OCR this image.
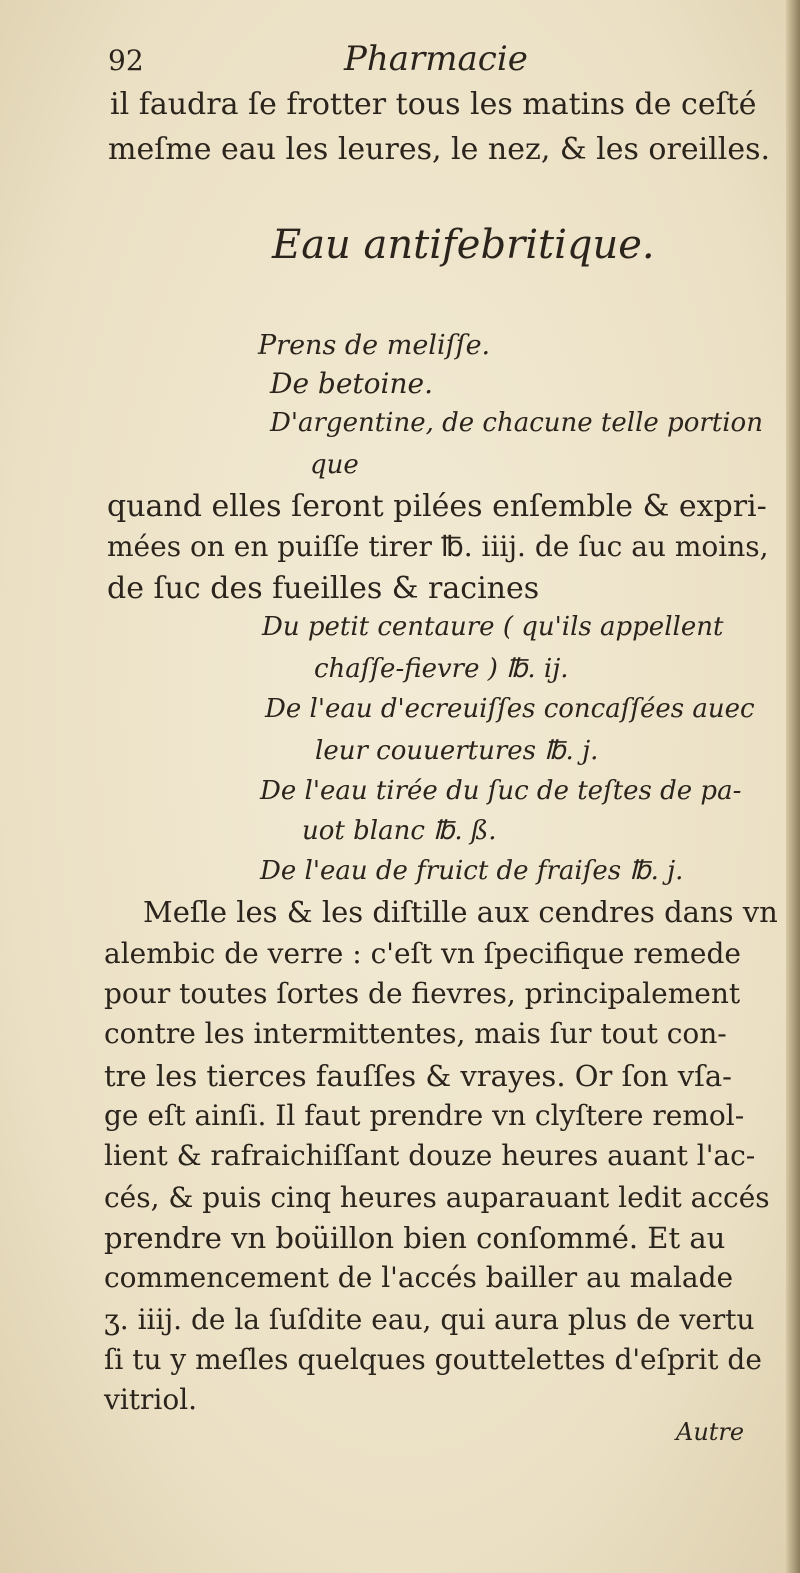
92	Pharmacie
il faudra ſe frotter tous les matins de ceſté
meſme eau les leures, le nez, & les oreilles.
Eau antifebritique.
Prens de meliſſe.
De betoine.
D'argentine, de chacune telle portion
que
quand elles ſeront pilées enſemble & expri-
mées on en puiſſe tirer ℔. iiij. de ſuc au moins,
de ſuc des fueilles & racines
Du petit centaure ( qu'ils appellent
chaſſe-fievre ) ℔. ij.
De l'eau d'ecreuiſſes concaſſées auec
leur couuertures ℔. j.
De l'eau tirée du ſuc de teſtes de pa-
uot blanc ℔. ß.
De l'eau de fruict de fraiſes ℔. j.
Meſle les & les diſtille aux cendres dans vn
alembic de verre : c'eſt vn ſpecifique remede
pour toutes ſortes de fievres, principalement
contre les intermittentes, mais ſur tout con-
tre les tierces fauſſes & vrayes. Or ſon vſa-
ge eſt ainſi. Il faut prendre vn clyſtere remol-
lient & rafraichiſſant douze heures auant l'ac-
cés, & puis cinq heures auparauant ledit accés
prendre vn boüillon bien conſommé. Et au
commencement de l'accés bailler au malade
ʒ. iiij. de la ſuſdite eau, qui aura plus de vertu
ſi tu y meſles quelques gouttelettes d'eſprit de
vitriol.
Autre
